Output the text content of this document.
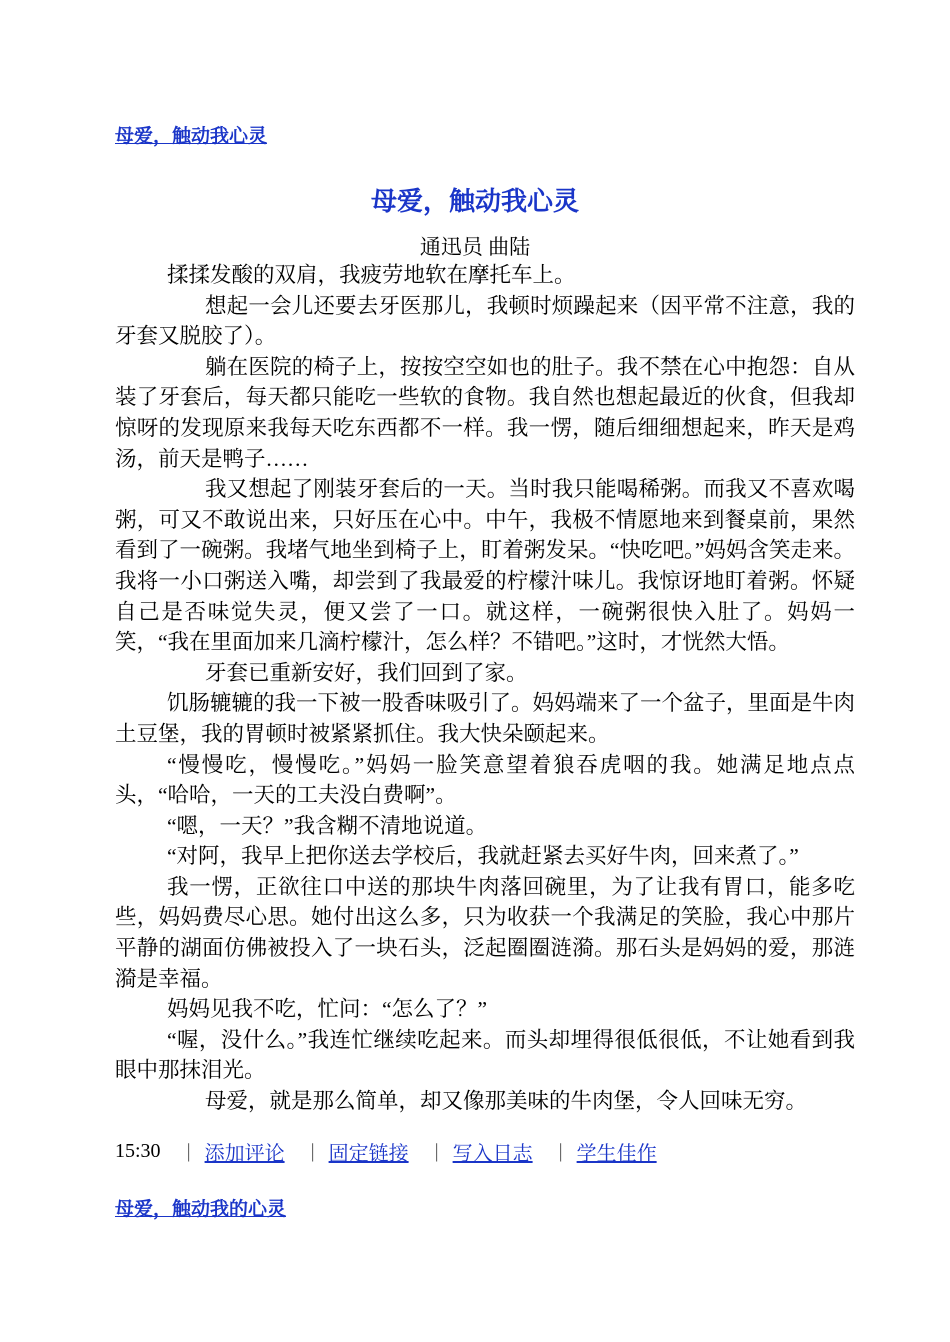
母爱，触动我心灵
母爱，触动我心灵
通迅员 曲陆

揉揉发酸的双肩，我疲劳地软在摩托车上。

想起一会儿还要去牙医那儿，我顿时烦躁起来（因平常不注意，我的牙套又脱胶了）。

躺在医院的椅子上，按按空空如也的肚子。我不禁在心中抱怨：自从装了牙套后，每天都只能吃一些软的食物。我自然也想起最近的伙食，但我却惊呀的发现原来我每天吃东西都不一样。我一愣，随后细细想起来，昨天是鸡汤，前天是鸭子……

我又想起了刚装牙套后的一天。当时我只能喝稀粥。而我又不喜欢喝粥，可又不敢说出来，只好压在心中。中午，我极不情愿地来到餐桌前，果然看到了一碗粥。我堵气地坐到椅子上，盯着粥发呆。“快吃吧。”妈妈含笑走来。我将一小口粥送入嘴，却尝到了我最爱的柠檬汁味儿。我惊讶地盯着粥。怀疑自己是否味觉失灵，便又尝了一口。就这样，一碗粥很快入肚了。妈妈一笑，“我在里面加来几滴柠檬汁，怎么样？不错吧。”这时，才恍然大悟。

牙套已重新安好，我们回到了家。

饥肠辘辘的我一下被一股香味吸引了。妈妈端来了一个盆子，里面是牛肉土豆堡，我的胃顿时被紧紧抓住。我大快朵颐起来。

“慢慢吃，慢慢吃。”妈妈一脸笑意望着狼吞虎咽的我。她满足地点点头，“哈哈，一天的工夫没白费啊”。

“嗯，一天？”我含糊不清地说道。

“对阿，我早上把你送去学校后，我就赶紧去买好牛肉，回来煮了。”

我一愣，正欲往口中送的那块牛肉落回碗里，为了让我有胃口，能多吃些，妈妈费尽心思。她付出这么多，只为收获一个我满足的笑脸，我心中那片平静的湖面仿佛被投入了一块石头，泛起圈圈涟漪。那石头是妈妈的爱，那涟漪是幸福。

妈妈见我不吃，忙问：“怎么了？”

“喔，没什么。”我连忙继续吃起来。而头却埋得很低很低，不让她看到我眼中那抹泪光。

母爱，就是那么简单，却又像那美味的牛肉堡，令人回味无穷。

15:30 | 添加评论 | 固定链接 | 写入日志 | 学生佳作
母爱，触动我的心灵
